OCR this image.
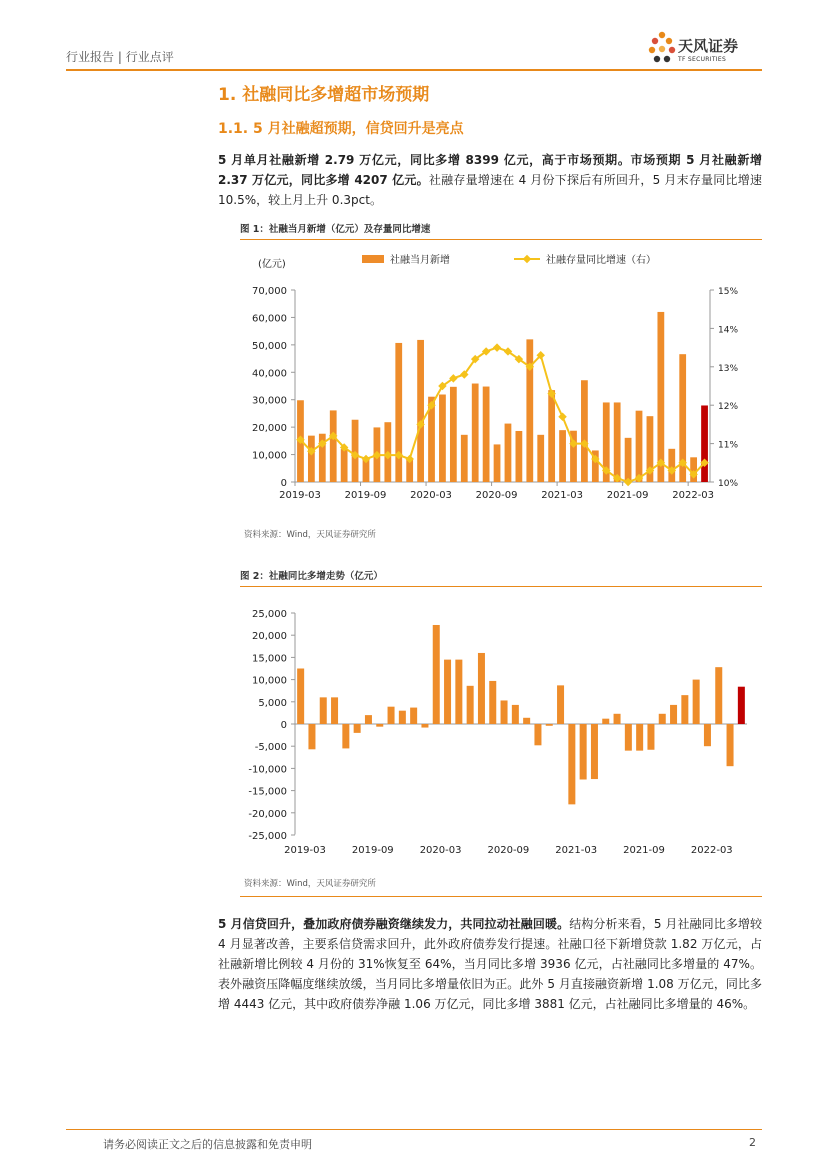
行业报告 | 行业点评
天风证券
TF SECURITIES
1. 社融同比多增超市场预期
1.1. 5 月社融超预期，信贷回升是亮点
5 月单月社融新增 2.79 万亿元，同比多增 8399 亿元，高于市场预期。市场预期 5 月社融新增 2.37 万亿元，同比多增 4207 亿元。社融存量增速在 4 月份下探后有所回升，5 月末存量同比增速 10.5%，较上月上升 0.3pct。
图 1：社融当月新增（亿元）及存量同比增速
(亿元)	社融当月新增	社融存量同比增速（右）
70,000
60,000
50,000
40,000
30,000
20,000
10,000
0
15%
14%
13%
12%
11%
10%
2019-03 2019-09 2020-03 2020-09 2021-03 2021-09 2022-03
资料来源：Wind，天风证券研究所
图 2：社融同比多增走势（亿元）
25,000
20,000
15,000
10,000
5,000
0
-5,000
-10,000
-15,000
-20,000
-25,000
2019-03	2019-09	2020-03	2020-09	2021-03	2021-09	2022-03
资料来源：Wind，天风证券研究所
5 月信贷回升，叠加政府债券融资继续发力，共同拉动社融回暖。结构分析来看，5 月社融同比多增较 4 月显著改善，主要系信贷需求回升，此外政府债券发行提速。社融口径下新增贷款 1.82 万亿元，占社融新增比例较 4 月份的 31%恢复至 64%，当月同比多增 3936 亿元，占社融同比多增量的 47%。表外融资压降幅度继续放缓，当月同比多增量依旧为正。此外 5 月直接融资新增 1.08 万亿元，同比多增 4443 亿元，其中政府债券净融 1.06 万亿元，同比多增 3881 亿元，占社融同比多增量的 46%。
请务必阅读正文之后的信息披露和免责申明	2
